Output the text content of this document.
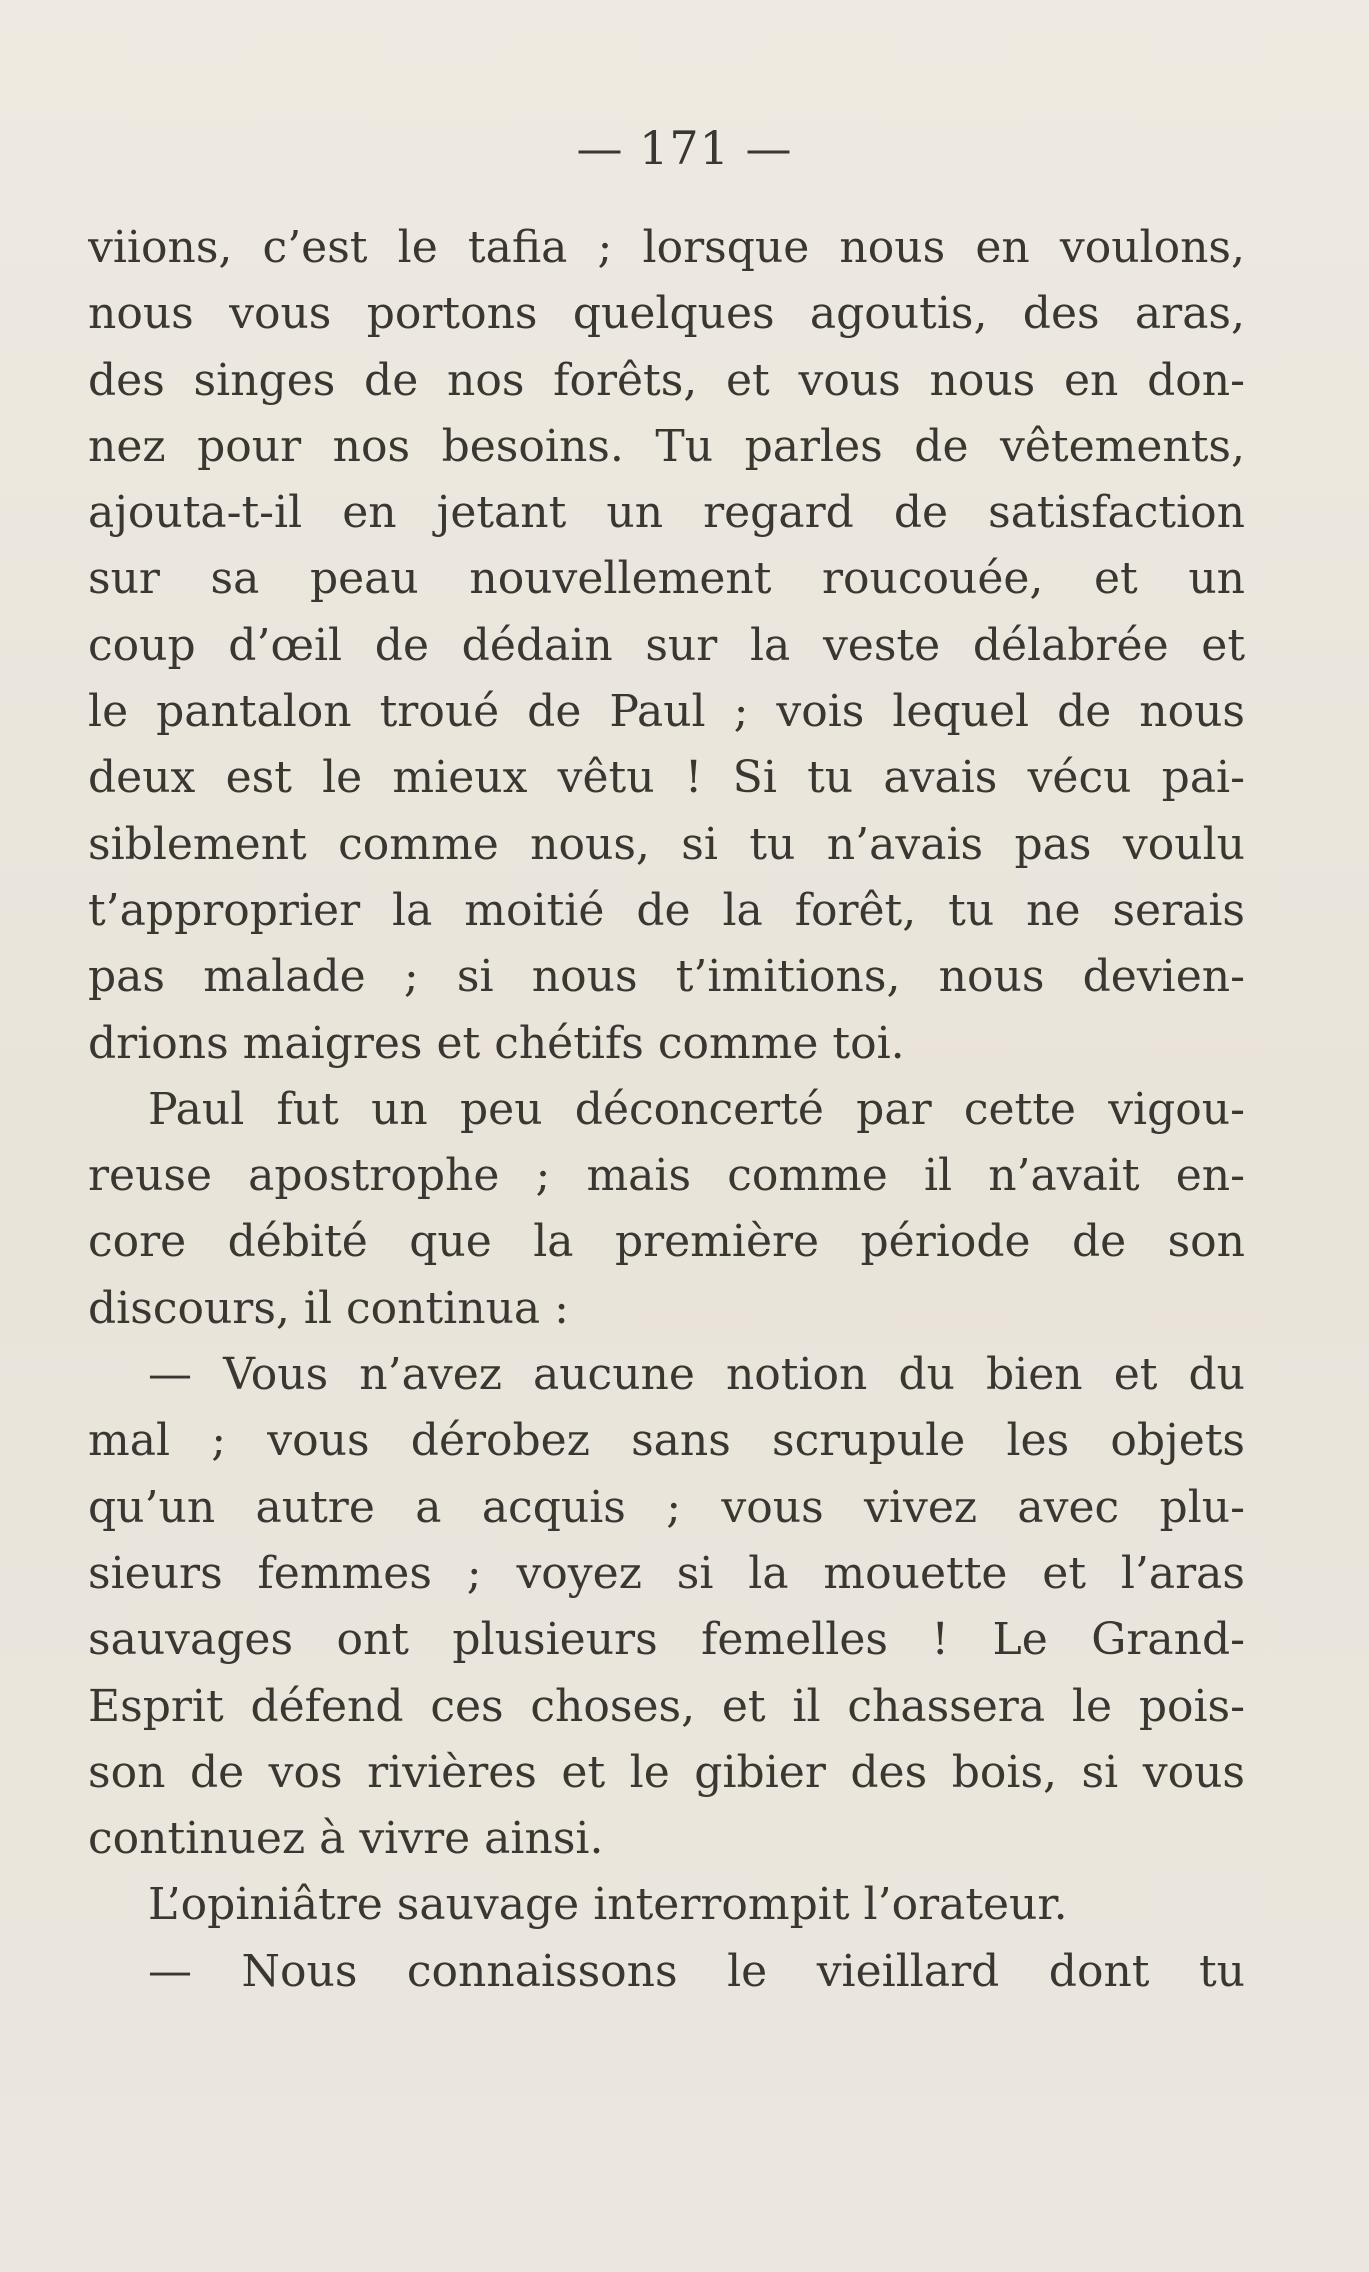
— 171 —
viions, c’est le tafia ; lorsque nous en voulons,
nous vous portons quelques agoutis, des aras,
des singes de nos forêts, et vous nous en don-
nez pour nos besoins. Tu parles de vêtements,
ajouta-t-il en jetant un regard de satisfaction
sur sa peau nouvellement roucouée, et un
coup d’œil de dédain sur la veste délabrée et
le pantalon troué de Paul ; vois lequel de nous
deux est le mieux vêtu ! Si tu avais vécu pai-
siblement comme nous, si tu n’avais pas voulu
t’approprier la moitié de la forêt, tu ne serais
pas malade ; si nous t’imitions, nous devien-
drions maigres et chétifs comme toi.
Paul fut un peu déconcerté par cette vigou-
reuse apostrophe ; mais comme il n’avait en-
core débité que la première période de son
discours, il continua :
— Vous n’avez aucune notion du bien et du
mal ; vous dérobez sans scrupule les objets
qu’un autre a acquis ; vous vivez avec plu-
sieurs femmes ; voyez si la mouette et l’aras
sauvages ont plusieurs femelles ! Le Grand-
Esprit défend ces choses, et il chassera le pois-
son de vos rivières et le gibier des bois, si vous
continuez à vivre ainsi.
L’opiniâtre sauvage interrompit l’orateur.
— Nous connaissons le vieillard dont tu
